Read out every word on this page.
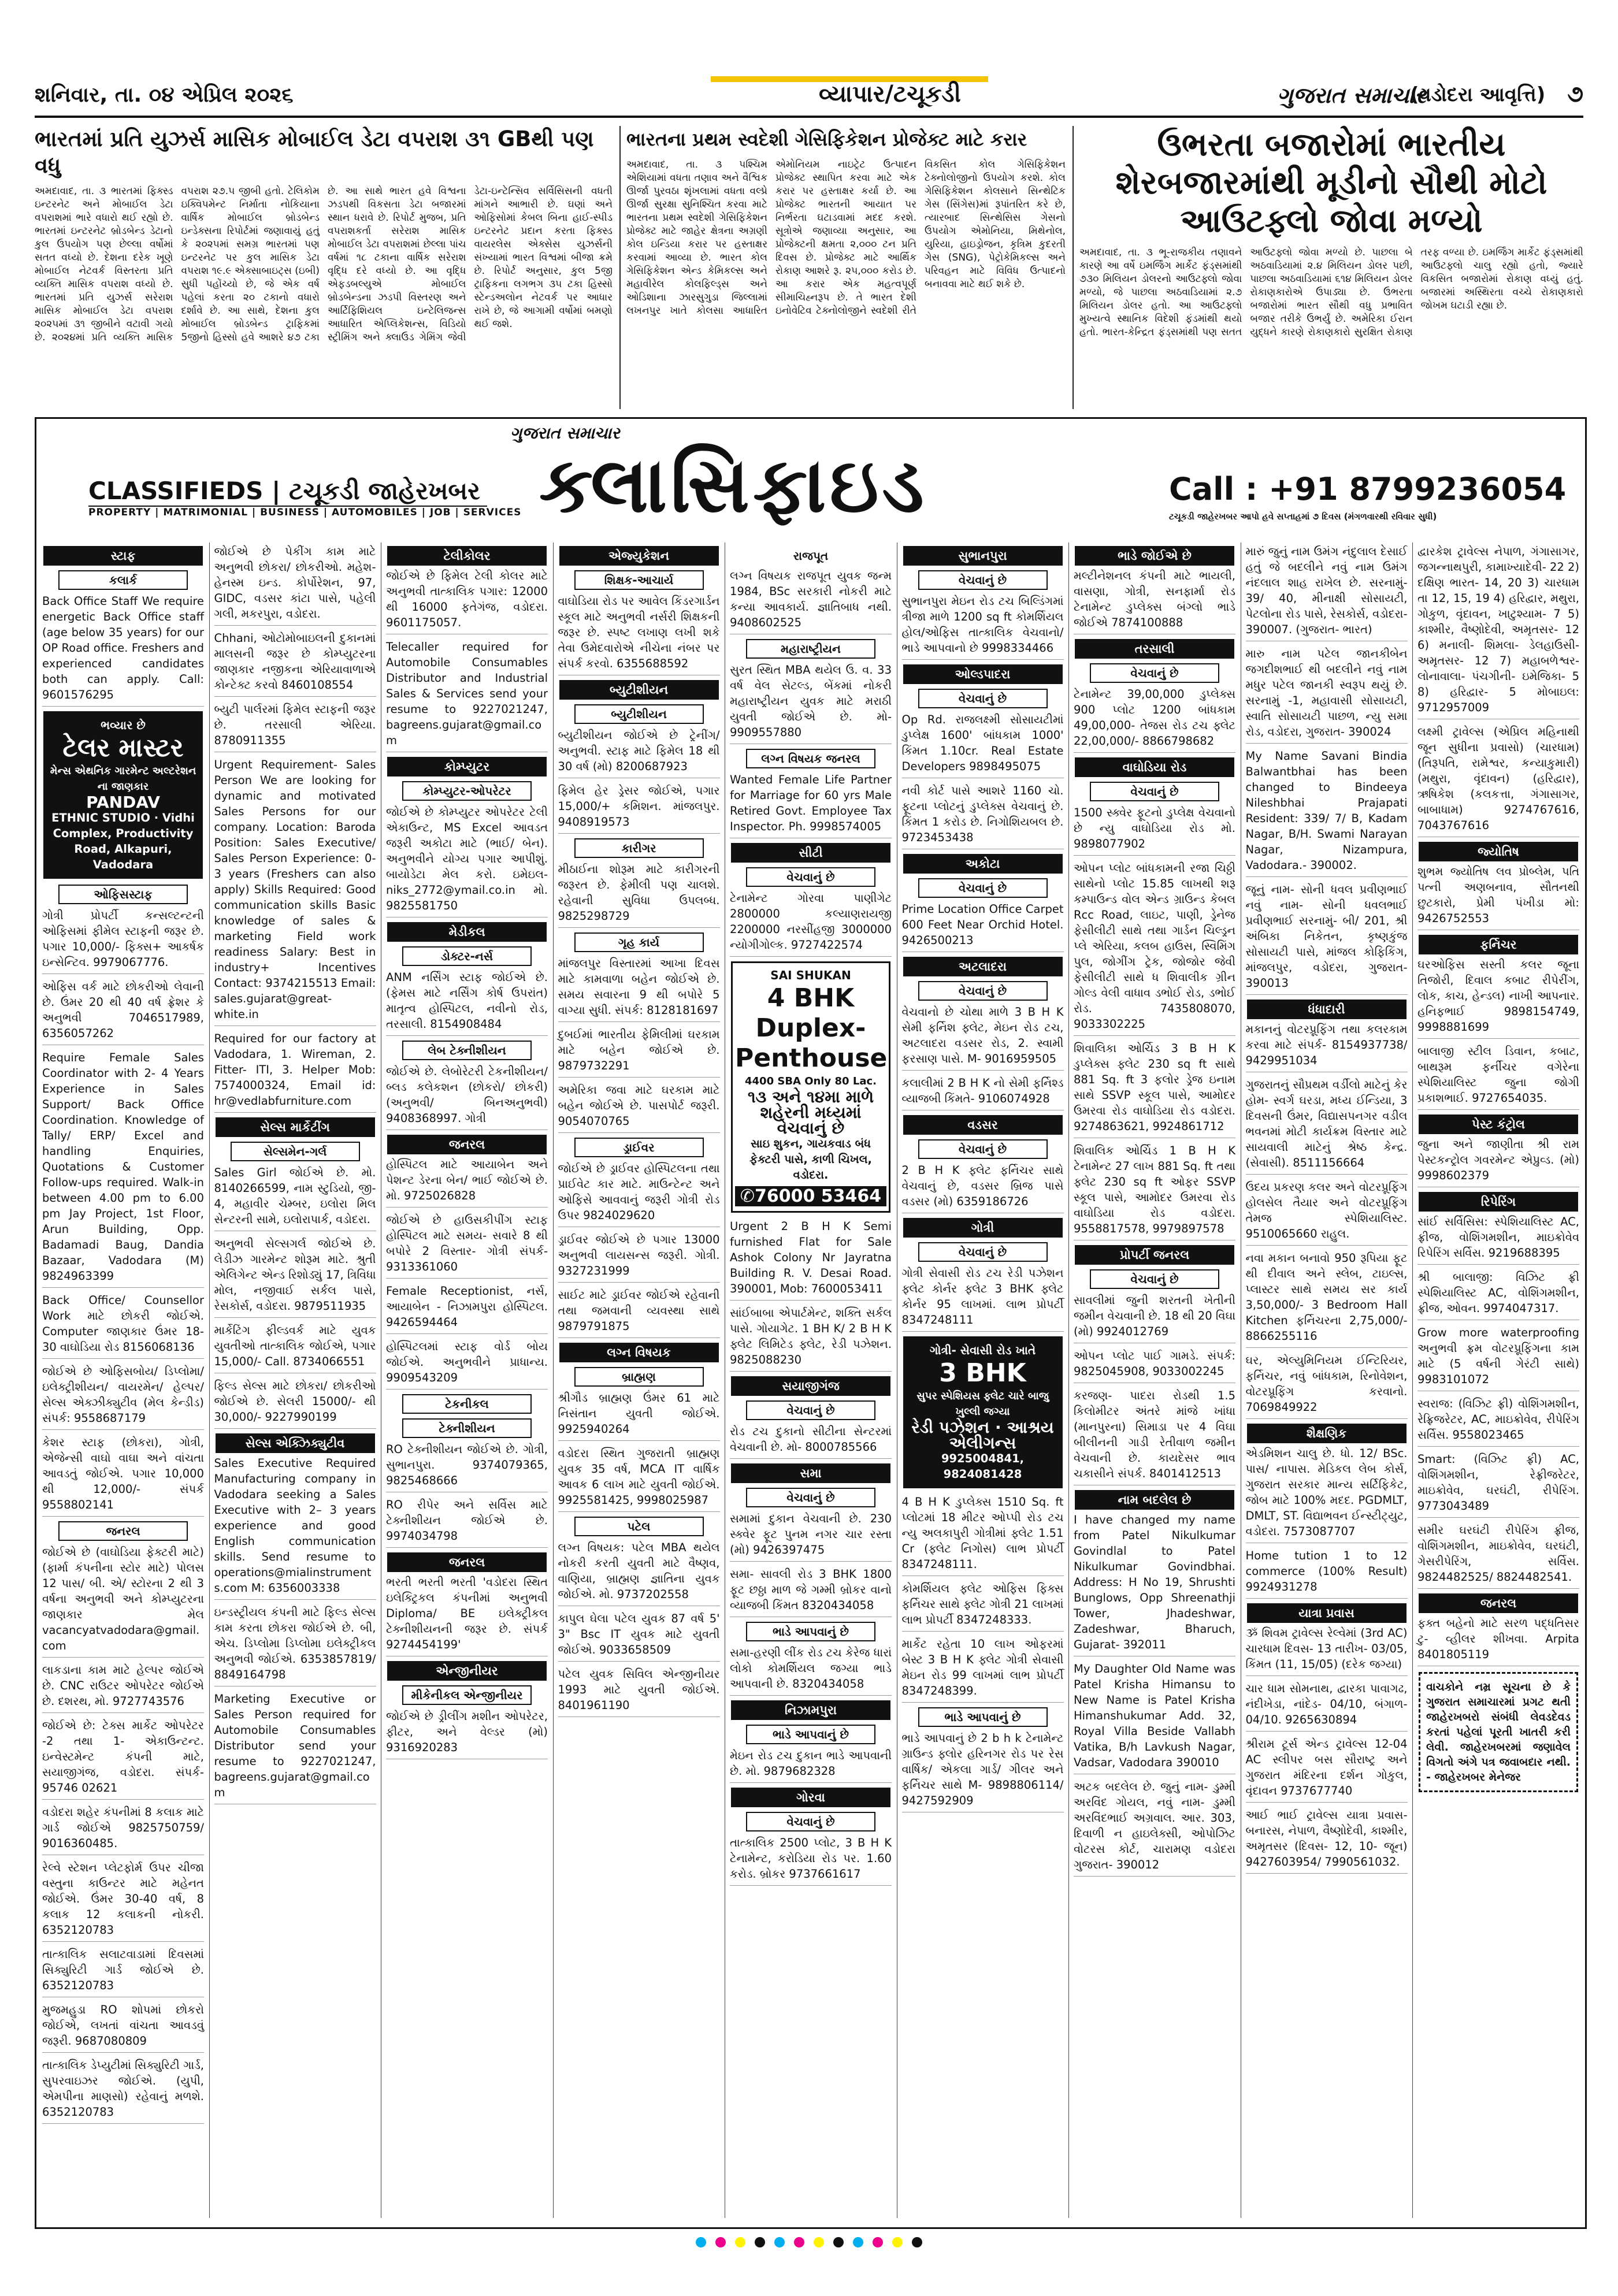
શનિવાર, તા. ૦૪ એપ્રિલ ૨૦૨૬	વ્યાપાર/ટચૂકડી	ગુજરાત સમાચાર
(વડોદરા આવૃત્તિ) ૭
ભારતમાં પ્રતિ યુઝર્સ માસિક મોબાઈલ ડેટા વપરાશ ૩૧ GBથી પણ વધુ
અમદાવાદ, તા. ૩ ભારતમાં ફિક્સ્ડ ઇન્ટરનેટ અને મોબાઈલ ડેટા વપરાશમાં ભારે વધારો થઈ રહ્યો છે. ભારતમાં ઇન્ટરનેટ બ્રોડબેન્ડ ડેટાનો કુલ ઉપયોગ પણ છેલ્લા વર્ષોમાં સતત વધ્યો છે. દેશના દરેક ખૂણે મોબાઈલ નેટવર્ક વિસ્તરતા પ્રતિ વ્યક્તિ માસિક વપરાશ વધ્યો છે. ભારતમાં પ્રતિ યુઝર્સ સરેરાશ માસિક મોબાઈલ ડેટા વપરાશ ૨૦૨૫માં ૩૧ જીબીને વટાવી ગયો છે. ૨૦૨૪માં પ્રતિ વ્યક્તિ માસિક વપરાશ ૨૭.૫ જીબી હતો. ટેલિકોમ ઇક્વિપમેન્ટ નિર્માતા નોકિયાના વાર્ષિક મોબાઈલ બ્રોડબેન્ડ ઇન્ડેક્સના રિપોર્ટમાં જણાવાયું હતું કે ૨૦૨૫માં સમગ્ર ભારતમાં પણ ઇન્ટરનેટ પર કુલ માસિક ડેટા વપરાશ ૧૯.૯ એક્સાબાઇટ્સ (ઇબી) સુધી પહોંચ્યો છે, જે એક વર્ષ પહેલાં કરતા ૨૦ ટકાનો વધારો દર્શાવે છે. આ સાથે, દેશના કુલ મોબાઈલ બ્રોડબેન્ડ ટ્રાફિકમાં 5જીનો હિસ્સો હવે આશરે ૪૭ ટકા છે. આ સાથે ભારત હવે વિશ્વના ઝડપથી વિકસતા ડેટા બજારમાં સ્થાન ધરાવે છે. રિપોર્ટ મુજબ, પ્રતિ વપરાશકર્તા સરેરાશ માસિક મોબાઈલ ડેટા વપરાશમાં છેલ્લા પાંચ વર્ષમાં ૧૮ ટકાના વાર્ષિક સરેરાશ વૃદ્ધિ દરે વધ્યો છે. આ વૃદ્ધિ એફડબલ્યુએ મોબાઈલ બ્રોડબેન્ડના ઝડપી વિસ્તરણ અને આર્ટિફિશિયલ ઇન્ટેલિજન્સ આધારિત એપ્લિકેશન્સ, વિડિયો સ્ટ્રીમિંગ અને ક્લાઉડ ગેમિંગ જેવી ડેટા-ઇન્ટેન્સિવ સર્વિસિસની વધતી માંગને આભારી છે. ઘણાં અને ઓફિસોમાં કેબલ બિના હાઈ-સ્પીડ ઇન્ટરનેટ પ્રદાન કરતા ફિક્સ્ડ વાયરલેસ એક્સેસ યુઝર્સની સંખ્યામાં ભારત વિશ્વમાં બીજા ક્રમે છે. રિપોર્ટ અનુસાર, કુલ 5જી ટ્રાફિકના લગભગ ૩૫ ટકા હિસ્સો સ્ટેન્ડઅલોન નેટવર્ક પર આધાર રાખે છે, જે આગામી વર્ષોમાં બમણો થઈ જશે.
ભારતના પ્રથમ સ્વદેશી ગેસિફિકેશન પ્રોજેક્ટ માટે કરાર
અમદાવાદ, તા. ૩ પશ્ચિમ એશિયામાં વધતા તણાવ અને વૈશ્વિક ઊર્જા પુરવઠા શૃંખલામાં વધતા વલ્પ્રે ઊર્જા સુરક્ષા સુનિશ્ચિત કરવા માટે ભારતના પ્રથમ સ્વદેશી ગેસિફિકેશન પ્રોજેક્ટ માટે જાહેર ક્ષેત્રના અગ્રણી કોલ ઇન્ડિયા કરાર પર હસ્તાક્ષર કરવામાં આવ્યા છે. ભારત કોલ ગેસિફિકેશન એન્ડ કેમિકલ્સ અને મહાવીરેલ કોલફિલ્ડ્સ અને ઓડિશાના ઝારસુગુડા જિલ્લામાં લખનપુર ખાતે કોલસા આધારિત એમોનિયમ નાઇટ્રેટ ઉત્પાદન પ્રોજેક્ટ સ્થાપિત કરવા માટે એક કરાર પર હસ્તાક્ષર કર્યા છે. આ પ્રોજેક્ટ ભારતની આયાત પર નિર્ભરતા ઘટાડવામાં મદદ કરશે. સૂત્રોએ જણાવ્યા અનુસાર, આ પ્રોજેક્ટની ક્ષમતા ૨,૦૦૦ ટન પ્રતિ દિવસ છે. પ્રોજેક્ટ માટે આર્થિક રોકાણ આશરે રૂ. ૨૫,૦૦૦ કરોડ છે. આ કરાર એક મહત્વપૂર્ણ સીમાચિહ્નરૂપ છે. તે ભારત દેશી ઇનોવેટિવ ટેક્નોલોજીને સ્વદેશી રીતે વિકસિત કોલ ગેસિફિકેશન ટેક્નોલોજીનો ઉપયોગ કરશે. કોલ ગેસિફિકેશન કોલસાને સિન્થેટિક ગેસ (સિંગેસ)માં રૂપાંતરિત કરે છે, ત્યારબાદ સિન્થેસિસ ગેસનો ઉપયોગ એમોનિયા, મિથેનોલ, યુરિયા, હાઇડ્રોજન, કૃત્રિમ કુદરતી ગેસ (SNG), પેટ્રોકેમિકલ્સ અને પરિવહન માટે વિવિધ ઉત્પાદનો બનાવવા માટે થઈ શકે છે.
ઉભરતા બજારોમાં ભારતીય શેરબજારમાંથી મૂડીનો સૌથી મોટો આઉટફ્લો જોવા મળ્યો
અમદાવાદ, તા. ૩ ભૂ-રાજકીય તણાવને કારણે આ વર્ષે ઇમર્જિંગ માર્કેટ ફંડ્સમાંથી ૭૩૦ મિલિયન ડોલરનો આઉટફ્લો જોવા મળ્યો, જે પાછલા અઠવાડિયામાં ૨.૭ મિલિયન ડોલર હતો. આ આઉટફ્લો મુખ્યત્વે સ્થાનિક વિદેશી ફંડમાંથી થયો હતો. ભારત-કેન્દ્રિત ફંડ્સમાંથી પણ સતત આઉટફ્લો જોવા મળ્યો છે. પાછલા બે અઠવાડિયામાં ૨.૪ મિલિયન ડોલર પછી, પાછલા અઠવાડિયામાં ૬૧૪ મિલિયન ડોલર રોકાણકારોએ ઉપાડ્યા છે. ઉભરતા બજારોમાં ભારત સૌથી વધુ પ્રભાવિત બજાર તરીકે ઉભર્યું છે. અમેરિકા ઈરાન યુદ્ધને કારણે રોકાણકારો સુરક્ષિત રોકાણ તરફ વળ્યા છે. ઇમર્જિંગ માર્કેટ ફંડ્સમાંથી આઉટફ્લો ચાલુ રહ્યો હતો, જ્યારે વિકસિત બજારોમાં રોકાણ વધ્યું હતું. બજારમાં અસ્થિરતા વચ્ચે રોકાણકારો જોખમ ઘટાડી રહ્યા છે.
ગુજરાત સમાચાર
ક્લાસિફાઇડ
CLASSIFIEDS | ટચૂકડી જાહેરખબર
PROPERTY | MATRIMONIAL | BUSINESS | AUTOMOBILES | JOB | SERVICES
Call : +91 8799236054
ટચૂકડી જાહેરખબર આપો હવે સપ્તાહમાં ૭ દિવસ (મંગળવારથી રવિવાર સુધી)
સ્ટાફ
કલાર્ક
Back Office Staff We require energetic Back Office staff (age below 35 years) for our OP Road office. Freshers and experienced candidates both can apply. Call: 9601576295
ભવ્યાર છે
ટેલર માસ્ટર
મેન્સ એથનિક ગારમેન્ટ અલ્ટરેશન ના જાણકાર
PANDAV
ETHNIC STUDIO · Vidhi Complex, Productivity Road, Alkapuri, Vadodara
ઓફિસસ્ટાફ
ગોત્રી પ્રોપર્ટી કન્સલ્ટન્ટની ઓફિસમાં ફીમેલ સ્ટાફની જરૂર છે. પગાર 10,000/- ફિક્સ+ આકર્ષક ઇન્સેન્ટિવ. 9979067776.
ઓફિસ વર્ક માટે છોકરીઓ લેવાની છે. ઉંમર 20 થી 40 વર્ષ ફ્રેશર કે અનુભવી 7046517989, 6356057262
Require Female Sales Coordinator with 2- 4 Years Experience in Sales Support/ Back Office Coordination. Knowledge of Tally/ ERP/ Excel and handling Enquiries, Quotations & Customer Follow-ups required. Walk-in between 4.00 pm to 6.00 pm Jay Project, 1st Floor, Arun Building, Opp. Badamadi Baug, Dandia Bazaar, Vadodara (M) 9824963399
Back Office/ Counsellor Work માટે છોકરી જોઈએ. Computer જાણકાર ઉંમર 18-30 વાઘોડિયા રોડ 8156068136
જોઈએ છે ઓફિસબોય/ ડિપ્લોમા/ ઇલેક્ટ્રીશીયન/ વાયરમેન/ હેલ્પર/ સેલ્સ એક્ઝીક્યુટીવ (મેલ કેન્ડીડ) સંપર્ક: 9558687179
કેશર સ્ટાફ (છોકરા), ગોત્રી, એજેન્સી વાઘો વાઘા અને વાંચતા આવડતું જોઈએ. પગાર 10,000 થી 12,000/- સંપર્ક 9558802141
જનરલ
જોઈએ છે (વાઘોડિયા ફેક્ટરી માટે) (ફાર્મા કંપનીના સ્ટોર માટે) પોલસ 12 પાસ/ બી. એ/ સ્ટોરના 2 થી 3 વર્ષના અનુભવી અને કોમ્પ્યુટરના જાણકાર મેલ vacancyatvadodara@gmail.com
લાકડાના કામ માટે હેલ્પર જોઈએ છે. CNC રાઉટર ઓપરેટર જોઈએ છે. દશરથ, મો. 9727743576
જોઈએ છે: ટેક્સ માર્કેટ ઓપરેટર -2 તથા 1- એકાઉન્ટન્ટ. ઇન્વેસ્ટમેન્ટ કંપની માટે, સયાજીગંજ, વડોદરા. સંપર્ક- 95746 02621
વડોદરા શહેર કંપનીમાં 8 કલાક માટે ગાર્ડ જોઈએ 9825750759/ 9016360485.
રેલ્વે સ્ટેશન પ્લેટફોર્મ ઉપર ચીજા વસ્તુના કાઉન્ટર માટે મહેનત જોઈએ. ઉંમર 30-40 વર્ષ, 8 કલાક 12 કલાકની નોકરી. 6352120783
તાત્કાલિક સલાટવાડામાં દિવસમાં સિક્યુરિટી ગાર્ડ જોઈએ છે. 6352120783
મુજમહુડા RO શોપમાં છોકરો જોઈએ, લખતાં વાંચતા આવડવું જરૂરી. 9687080809
તાત્કાલિક ડેપ્યુટીમાં સિક્યુરિટી ગાર્ડ, સુપરવાઇઝર જોઈએ. (યુપી, એમપીના માણસો) રહેવાનું મળશે. 6352120783
જોઈએ છે પેકીંગ કામ માટે અનુભવી છોકરા/ છોકરીઓ. મહેશ- હેનસ્મ ઇન્ડ. કોર્પોરેશન, 97, GIDC, વડસર કાંટા પાસે, પહેલી ગલી, મકરપુરા, વડોદરા.
Chhani, ઓટોમોબાઇલની દુકાનમાં માલસની જરૂર છે કોમ્પ્યુટરના જાણકાર નજીકના એરિયાવાળાએ કોન્ટેક્ટ કરવો 8460108554
બ્યુટી પાર્લરમાં ફિમેલ સ્ટાફની જરૂર છે. તરસાલી એરિયા. 8780911355
Urgent Requirement- Sales Person We are looking for dynamic and motivated Sales Persons for our company. Location: Baroda Position: Sales Executive/ Sales Person Experience: 0-3 years (Freshers can also apply) Skills Required: Good communication skills Basic knowledge of sales & marketing Field work readiness Salary: Best in industry+ Incentives Contact: 9374215513 Email: sales.gujarat@great-white.in
Required for our factory at Vadodara, 1. Wireman, 2. Fitter- ITI, 3. Helper Mob: 7574000324, Email id: hr@vedlabfurniture.com
સેલ્સ માર્કેટીંગ
સેલ્સમેન-ગર્લ
Sales Girl જોઈએ છે. મો. 8140266599, નામ સ્ટુડિયો, જી- 4, મહાવીર ચેમ્બર, ઇલોરા મિલ સેન્ટરની સામે, ઇલોરાપાર્ક, વડોદરા.
અનુભવી સેલ્સગર્લ જોઈએ છે. લેડીઝ ગારમેન્ટ શોરૂમ માટે. શ્રુતી એલિગેન્ટ એન્ડ રિશોડ્યું 17, ત્રિવિધા મોલ, નજીવાઈ સર્કલ પાસે, રેસકોર્સ, વડોદરા. 9879511935
માર્કેટિંગ ફીલ્ડવર્ક માટે યુવક યુવતીઓ તાત્કાલિક જોઈએ, પગાર 15,000/- Call. 8734066551
ફિલ્ડ સેલ્સ માટે છોકરા/ છોકરીઓ જોઈએ છે. સેલરી 15000/- થી 30,000/- 9227990199
સેલ્સ એક્ઝિક્યુટીવ
Sales Executive Required Manufacturing company in Vadodara seeking a Sales Executive with 2– 3 years experience and good English communication skills. Send resume to operations@mialinstrument s.com M: 6356003338
ઇન્ડસ્ટ્રીયલ કંપની માટે ફિલ્ડ સેલ્સ કામ કરતા છોકરા જોઈએ છે. બી, એચ. ડિપ્લોમા ડિપ્લોમા ઇલેક્ટ્રીકલ અનુભવી જોઈએ. 6353857819/ 8849164798
Marketing Executive or Sales Person required for Automobile Consumables Distributor send your resume to 9227021247, bagreens.gujarat@gmail.com
ટેલીકોલર
જોઈએ છે ફિમેલ ટેલી કોલર માટે અનુભવી તાત્કાલિક પગાર: 12000 થી 16000 ફતેગંજ, વડોદરા. 9601175057.
Telecaller required for Automobile Consumables Distributor and Industrial Sales & Services send your resume to 9227021247, bagreens.gujarat@gmail.com
કોમ્પ્યુટર
કોમ્પ્યુટર-ઓપરેટર
જોઈએ છે કોમ્પ્યુટર ઓપરેટર ટેલી એકાઉન્ટ, MS Excel આવડત જરૂરી અકોટા માટે (ભાઈ/ બેન). અનુભવીને યોગ્ય પગાર આપીશું. બાયોડેટા મેલ કરો. ઇમેઇલ- niks_2772@ymail.co.in મો. 9825581750
મેડીકલ
ડોક્ટર-નર્સ
ANM નર્સિંગ સ્ટાફ જોઈએ છે. (ફેમસ માટે નર્સિંગ કોર્ષ ઉપરાંત) માતૃત્વ હોસ્પિટલ, નવીનો રોડ, તરસાલી. 8154908484
લેબ ટેક્નીશીયન
જોઈએ છે. લેબોરેટરી ટેકનીશીયન/ બ્લડ કલેકશન (છોકરો/ છોકરી) (અનુભવી/ બિનઅનુભવી) 9408368997. ગોત્રી
જનરલ
હોસ્પિટલ માટે આયાબેન અને પેશન્ટ ડેરના બેન/ ભાઈ જોઈએ છે. મો. 9725026828
જોઈએ છે હાઉસકીપીંગ સ્ટાફ હોસ્પિટલ માટે સમય- સવારે 8 થી બપોરે 2 વિસ્તાર- ગોત્રી સંપર્ક- 9313361060
Female Receptionist, નર્સ, આયાબેન - નિઝામપુરા હોસ્પિટલ. 9426594464
હોસ્પિટલમાં સ્ટાફ વોર્ડ બોય જોઈએ. અનુભવીને પ્રાધાન્ય. 9909543209
ટેકનીકલ
ટેક્નીશીયન
RO ટેક્નીશીયન જોઈએ છે. ગોત્રી, સુભાનપુરા. 9374079365, 9825468666
RO રીપેર અને સર્વિસ માટે ટેક્નીશીયન જોઈએ છે. 9974034798
જનરલ
ભરતી ભરતી ભરતી 'વડોદરા સ્થિત ઇલેક્ટ્રિકલ કંપનીમાં અનુભવી Diploma/ BE ઇલેક્ટ્રીકલ ટેક્નીશીયનની જરૂર છે. સંપર્ક 9274454199'
એન્જીનીયર
મીકેનીકલ એન્જીનીયર
જોઈએ છે ડ્રીલીંગ મશીન ઓપરેટર, ફીટર, અને વેલ્ડર (મો) 9316920283
એજ્યુકેશન
શિક્ષક-આચાર્ય
વાઘોડિયા રોડ પર આવેલ કિંડરગાર્ડન સ્કૂલ માટે અનુભવી નર્સરી શિક્ષકની જરૂર છે. સ્પષ્ટ લખાણ લખી શકે તેવા ઉમેદવારોએ નીચેના નંબર પર સંપર્ક કરવો. 6355688592
બ્યુટીશીયન
બ્યુટીશીયન
બ્યુટીશીયન જોઈએ છે ટ્રેનીંગ/ અનુભવી. સ્ટાફ માટે ફિમેલ 18 થી 30 વર્ષ (મો) 8200687923
ફિમેલ હેર ડ્રેસર જોઈએ, પગાર 15,000/+ કમિશન. માંજલપુર. 9408919573
કારીગર
મીઠાઈના શોરૂમ માટે કારીગરની જરૂરત છે. ફેમીલી પણ ચાલશે. રહેવાની સુવિધા ઉપલબ્ધ. 9825298729
ગૃહ કાર્ય
માંજલપુર વિસ્તારમાં આખા દિવસ માટે કામવાળા બહેન જોઈએ છે. સમય સવારના 9 થી બપોરે 5 વાગ્યા સુધી. સંપર્ક: 8128181697
દુબઈમાં ભારતીય ફેમિલીમાં ઘરકામ માટે બહેન જોઈએ છે. 9879732291
અમેરિકા જવા માટે ઘરકામ માટે બહેન જોઈએ છે. પાસપોર્ટ જરૂરી. 9054070765
ડ્રાઈવર
જોઈએ છે ડ્રાઈવર હોસ્પિટલના તથા પ્રાઈવેટ કાર માટે. માઉન્ટેન્ટ અને ઓફિસે આવવાનું જરૂરી ગોત્રી રોડ ઉપર 9824029620
ડ્રાઈવર જોઈએ છે પગાર 13000 અનુભવી લાયસન્સ જરૂરી. ગોત્રી. 9327231999
સાઈટ માટે ડ્રાઈવર જોઈએ રહેવાની તથા જમવાની વ્યવસ્થા સાથે 9879791875
લગ્ન વિષયક
બ્રાહ્મણ
શ્રીગૌડ બ્રાહ્મણ ઉંમર 61 માટે નિસંતાન યુવતી જોઈએ. 9925940264
વડોદરા સ્થિત ગુજરાતી બ્રાહ્મણ યુવક 35 વર્ષ, MCA IT વાર્ષિક આવક 6 લાખ માટે યુવતી જોઈએ. 9925581425, 9998025987
પટેલ
લગ્ન વિષયક: પટેલ MBA થયેલ નોકરી કરતી યુવતી માટે વૈષ્ણવ, વાણિયા, બ્રાહ્મણ જ્ઞાતિના યુવક જોઈએ. મો. 9737202558
કાપુલ ઘેલા પટેલ યુવક 87 વર્ષ 5' 3" Bsc IT યુવક માટે યુવતી જોઈએ. 9033658509
પટેલ યુવક સિવિલ એન્જીનીયર 1993 માટે યુવતી જોઈએ. 8401961190
રાજપૂત
લગ્ન વિષયક રાજપૂત યુવક જન્મ 1984, BSc સરકારી નોકરી માટે કન્યા આવકાર્ય. જ્ઞાતિબાધ નથી. 9408602525
મહારાષ્ટ્રીયન
સુરત સ્થિત MBA થયેલ ઉ. વ. 33 વર્ષ વેલ સેટલ્ડ, બેંકમાં નોકરી મહારાષ્ટ્રીયન યુવક માટે મરાઠી યુવતી જોઈએ છે. મો- 9909557880
લગ્ન વિષયક જનરલ
Wanted Female Life Partner for Marriage for 60 yrs Male Retired Govt. Employee Tax Inspector. Ph. 9998574005
સીટી
વેચવાનું છે
ટેનામેન્ટ ગોરવા પાણીગેટ 2800000 કલ્યાણરાયજી 2200000 નરસીંહજી 3000000 ન્યોગીગોલ્ક. 9727422574
SAI SHUKAN
4 BHK Duplex-Penthouse
4400 SBA Only 80 Lac.
૧૩ અને ૧૪મા માળે શહેરની મધ્યમાં વેચવાનું છે
સાઇ શુકન, ગાયકવાડ બંધ ફેક્ટરી પાસે, કાળી ચિખલ, વડોદરા.
✆76000 53464
Urgent 2 B H K Semi furnished Flat for Sale Ashok Colony Nr Jayratna Building R. V. Desai Road. 390001, Mob: 7600053411
સાંઈબાબા એપાર્ટમેન્ટ, શક્તિ સર્કલ પાસે. ગોયાગેટ. 1 BH K/ 2 B H K ફ્લેટ લિમિટેડ ફ્લેટ, રેડી પઝેશન. 9825088230
સયાજીગંજ
વેચવાનું છે
રોડ ટચ દુકાનો સીટીના સેન્ટરમાં વેચવાની છે. મો- 8000785566
સમા
વેચવાનું છે
સમામાં દુકાન વેચવાની છે. 230 સ્ક્વેર ફૂટ પુનમ નગર ચાર રસ્તા (મો) 9426397475
સમા- સાવલી રોડ 3 BHK 1800 ફૂટ છઠ્ઠા માળ જે ગમ્મી બ્રોકર વાનો વ્યાજબી કિંમત 8320434058
ભાડે આપવાનું છે
સમા-હરણી લીંક રોડ ટચ કેરેજ ધારાં લોકો કોમર્શિયલ જગ્યા ભાડે આપવાની છે. 8320434058
નિઝામપુરા
ભાડે આપવાનું છે
મેઇન રોડ ટચ દુકાન ભાડે આપવાની છે. મો. 9879682328
ગોરવા
વેચવાનું છે
તાત્કાલિક 2500 પ્લોટ, 3 B H K ટેનામેન્ટ, કરોડિયા રોડ પર. 1.60 કરોડ. બ્રોકર 9737661617
સુભાનપુરા
વેચવાનું છે
સુભાનપુરા મેઇન રોડ ટચ બિલ્ડિંગમાં ત્રીજા માળે 1200 sq ft કોમર્શિયલ હોલ/ઓફિસ તાત્કાલિક વેચવાનો/ ભાડે આપવાનો છે 9998334466
ઓલ્ડપાદરા
વેચવાનું છે
Op Rd. રાજલક્ષ્મી સોસાયટીમાં ડુપ્લેક્ષ 1600' બાંધકામ 1000' કિંમત 1.10cr. Real Estate Developers 9898495075
નવી કોર્ટ પાસે આશરે 1160 ચો. ફૂટના પ્લોટનું ડુપ્લેક્સ વેચવાનું છે. કિંમત 1 કરોડ છે. નિગોશિયબલ છે. 9723453438
અકોટા
વેચવાનું છે
Prime Location Office Carpet 600 Feet Near Orchid Hotel. 9426500213
અટલાદરા
વેચવાનું છે
વેચવાનો છે ચોથા માળે 3 B H K સેમી ફર્નિશ ફ્લેટ, મેઇન રોડ ટચ, અટલાદરા વડસર રોડ, 2. સ્વામી ફરસાણ પાસે. M- 9016959505
કલાલીમાં 2 B H K નો સેમી ફર્નિશ્ડ વ્યાજબી કિંમતે- 9106074928
વડસર
વેચવાનું છે
2 B H K ફ્લેટ ફર્નિચર સાથે વેચવાનું છે, વડસર બ્રિજ પાસે વડસર (મો) 6359186726
ગોત્રી
વેચવાનું છે
ગોત્રી સેવાસી રોડ ટચ રેડી પઝેશન ફ્લેટ કોર્નર ફ્લેટ 3 BHK ફ્લેટ કોર્નર 95 લાખમાં. લાભ પ્રોપર્ટી 8347248111
ગોત્રી- સેવાસી રોડ ખાતે
3 BHK
સુપર સ્પેશિયસ ફ્લેટ ચારે બાજુ ખુલ્લી જગ્યા
રેડી પઝેશન · આશ્રય એલીગન્સ
9925004841, 9824081428
4 B H K ડુપ્લેક્સ 1510 Sq. ft પ્લોટમાં 18 મીટર ઓપ્પી રોડ ટચ ન્યુ અલકાપુરી ગોત્રીમાં ફ્લેટ 1.51 Cr (ફ્લેટ નિગોસ) લાભ પ્રોપર્ટી 8347248111.
કોમર્શિયલ ફ્લેટ ઓફિસ ફિક્સ ફર્નિચર સાથે ફ્લેટ ગોત્રી 21 લાખમાં લાભ પ્રોપર્ટી 8347248333.
માર્કેટ રહેતા 10 લાખ ઓફરમાં બેસ્ટ 3 B H K ફ્લેટ ગોત્રી સેવાસી મેઇન રોડ 99 લાખમાં લાભ પ્રોપર્ટી 8347248399.
ભાડે આપવાનું છે
ભાડે આપવાનું છે 2 b h k ટેનામેન્ટ ગ્રાઉન્ડ ફ્લોર હરિનગર રોડ પર રેસ વાર્ષિક/ એકલા ગાર્ડ/ ગીલર અને ફર્નિચર સાથે M- 9898806114/ 9427592909
ભાડે જોઈએ છે
મલ્ટીનેશનલ કંપની માટે ભાયલી, વાસણા, ગોત્રી, સનફાર્મા રોડ ટેનામેન્ટ ડુપ્લેક્સ બંગ્લો ભાડે જોઈએ 7874100888
તરસાલી
વેચવાનું છે
ટેનામેન્ટ 39,00,000 ડુપ્લેક્સ 900 પ્લોટ 1200 બાંધકામ 49,00,000- તેજસ રોડ ટચ ફ્લેટ 22,00,000/- 8866798682
વાઘોડિયા રોડ
વેચવાનું છે
1500 સ્ક્વેર ફૂટનો ડુપ્લેક્ષ વેચવાનો છે ન્યુ વાઘોડિયા રોડ મો. 9898077902
ઓપન પ્લોટ બાંધકામની રજા ચિઠ્ઠી સાથેનો પ્લોટ 15.85 લાખથી શરૂ કમ્પાઉન્ડ વોલ એન્ડ ગ્રાઉન્ડ કેબલ Rcc Road, લાઇટ, પાણી, ડ્રેનેજ ફેસીલીટી સાથે તથા ગાર્ડન ચિલ્ડ્રન પ્લે એરિયા, કલબ હાઉસ, સ્વિમિંગ પુલ, જોગીંગ ટ્રેક, જોજોર જેવી ફેસીલીટી સાથે ધ શિવાલીક ગ્રીન ગોલ્ડ વેલી વાધાવ ડભોઈ રોડ, ડભોઈ રોડ. 7435808070, 9033302225
શિવાલિકા ઓર્ચિડ 3 B H K ડુપ્લેક્સ ફ્લેટ 230 sq ft સાથે 881 Sq. ft 3 ફલોર ડ્રેજ ઇનામ સાથે SSVP સ્કૂલ પાસે, આમોદર ઉમરવા રોડ વાઘોડિયા રોડ વડોદરા. 9274863621, 9924861712
શિવાલિક ઓર્ચિડ 1 B H K ટેનામેન્ટ 27 લાખ 881 Sq. ft તથા ફ્લેટ 230 sq ft ઓફર SSVP સ્કૂલ પાસે, આમોદર ઉમરવા રોડ વાઘોડિયા રોડ વડોદરા. 9558817578, 9979897578
પ્રોપર્ટી જનરલ
વેચવાનું છે
સાવલીમાં જુની શરતની ખેતીની જમીન વેચવાની છે. 18 થી 20 વિઘા (મો) 9924012769
ઓપન પ્લોટ પાઈ ગામડે. સંપર્ક: 9825045908, 9033002245
કરજણ- પાદરા રોડથી 1.5 કિલોમીટર અંતરે માંજે ખાંધા (માનપુરના) સિમાડા પર 4 વિઘા બીલીનની ગાડી રેતીવાળ જમીન વેચવાની છે. કાયદેસર ભાવ ચકાસીને સંપર્ક. 8401412513
નામ બદલેલ છે
I have changed my name from Patel Nikulkumar Govindlal to Patel Nikulkumar Govindbhai. Address: H No 19, Shrushti Bunglows, Opp Shreenathji Tower, Jhadeshwar, Zadeshwar, Bharuch, Gujarat- 392011
My Daughter Old Name was Patel Krisha Himansu to New Name is Patel Krisha Himanshukumar Add. 32, Royal Villa Beside Vallabh Vatika, B/h Lavkush Nagar, Vadsar, Vadodara 390010
અટક બદલેલ છે. જુનું નામ- ડુમ્મી અરવિંદ ગોયલ, નવું નામ- ડુમ્મી અરવિંદભાઈ અગ્રવાલ. આર. 303, દિવાળી ન હાઇલેક્સી, ઓપોઝિટ વોટરસ કોર્ટ, ચારામણ વડોદરા ગુજરાત- 390012
મારું જુનું નામ ઉમંગ નંદુલાલ દેસાઈ હતું જે બદલીને નવું નામ ઉમંગ નંદલાલ શાહ રાખેલ છે. સરનામું- 39/ 40, મીનાક્ષી સોસાયટી, પેટલોના રોડ પાસે, રેસકોર્સ, વડોદરા- 390007. (ગુજરાત- ભારત)
મારુ નામ પટેલ જાનકીબેન જગદીશભાઈ થી બદલીને નવું નામ મધુર પટેલ જાનકી સ્વરૂપ થયું છે. સરનામું -1, મહાવાસી સોસાયટી, સ્વાતિ સોસાયટી પાછળ, ન્યુ સમા રોડ, વડોદરા, ગુજરાત- 390024
My Name Savani Bindia Balwantbhai has been changed to Bindeeya Nileshbhai Prajapati Resident: 339/ 7/ B, Kadam Nagar, B/H. Swami Narayan Nagar, Nizampura, Vadodara.- 390002.
જૂનું નામ- સોની ધવલ પ્રવીણભાઈ નવું નામ- સોની ધવલભાઈ પ્રવીણભાઈ સરનામું- બી/ 201, શ્રી અંબિકા નિકેતન, કૃષ્ણકુંજ સોસાયટી પાસે, માંજલ કોફિકિંગ, માંજલપુર, વડોદરા, ગુજરાત- 390013
ધંધાદારી
મકાનનું વોટરપ્રૂફિંગ તથા કલરકામ કરવા માટે સંપર્ક- 8154937738/ 9429951034
ગુજરાતનું સૌપ્રથમ વર્ડીલો માટેનું કેર હોમ- સ્વર્ગ ઘરડા, મધ્ય ઈન્ડિયા, 3 દિવસની ઉંમર, વિદ્યાસપનગર વડીલ ભવનમાં મોટી કાર્યક્રમ વિસ્તાર માટે સાયવાલી માટેનું શ્રેષ્ઠ કેન્દ્ર. (સેવાસી). 8511156664
ઉદય પ્રકરણ કલર અને વોટરપ્રૂફિંગ હોલસેલ તૈયાર અને વોટરપ્રૂફિંગ તેમજ સ્પેશિયાલિસ્ટ. 9510065660 રાહુલ.
નવા મકાન બનાવો 950 રૂપિયા ફૂટ થી દીવાલ અને સ્લેબ, ટાઇલ્સ, પ્લાસ્ટર સાથે સમય સર કાર્ય 3,50,000/- 3 Bedroom Hall Kitchen ફર્નિચરના 2,75,000/- 8866255116
ઘર, એલ્યુમિનિયમ ઈન્ટિરિયર, ફર્નિચર, નવું બાંધકામ, રિનોવેશન, વોટરપ્રૂફિંગ કરવાનો. 7069849922
શૈક્ષણિક
એડમિશન ચાલુ છે. ધો. 12/ BSc. પાસ/ નાપાસ. મેડિકલ લેબ કોર્સ, ગુજરાત સરકાર માન્ય સર્ટિફિકેટ, જોબ માટે 100% મદદ. PGDMLT, DMLT, ST. વિદ્યાભવન ઈન્સ્ટીટ્યુટ, વડોદરા. 7573087707
Home tution 1 to 12 commerce (100% Result) 9924931278
યાત્રા પ્રવાસ
ૐ શિવમ ટ્રાવેલ્સ રેલ્વેમાં (3rd AC) ચારધામ દિવસ- 13 તારીખ- 03/05, કિંમત (11, 15/05) (દરેક જગ્યા)
ચાર ધામ સોમનાથ, દ્વારકા પાવાગઢ, નંદીખેડા, નાંદેડ- 04/10, બંગાળ- 04/10. 9265630894
શ્રીરામ ટૂર્સ એન્ડ ટ્રાવેલ્સ 12-04 AC સ્લીપર બસ સૌરાષ્ટ્ર અને ગુજરાત મંદિરના દર્શન ગોકુલ, વૃંદાવન 9737677740
આઈ ભાઈ ટ્રાવેલ્સ યાત્રા પ્રવાસ- બનારસ, નેપાળ, વૈષ્ણોદેવી, કાશ્મીર, અમૃતસર (દિવસ- 12, 10- જૂન) 9427603954/ 7990561032.
દ્વારકેશ ટ્રાવેલ્સ નેપાળ, ગંગાસાગર, જગન્નાથપુરી, કામાખ્યાદેવી- 22 2) દક્ષિણ ભારત- 14, 20 3) ચારધામ તા 12, 15, 19 4) હરિદ્વાર, મથુરા, ગોકુળ, વૃંદાવન, ખાટુશ્યામ- 7 5) કાશ્મીર, વૈષ્ણોદેવી, અમૃતસર- 12 6) મનાલી- શિમલા- ડેલહાઉસી- અમૃતસર- 12 7) મહાબળેશ્વર- લોનાવાલા- પંચગીની- ઇમેજિકા- 5 8) હરિદ્વાર- 5 મોબાઇલ: 9712957009
લક્ષ્મી ટ્રાવેલ્સ (એપ્રિલ મહિનાથી જૂન સુધીના પ્રવાસો) (ચારધામ) (તિરૂપતિ, રામેશ્વર, કન્યાકુમારી) (મથુરા, વૃંદાવન) (હરિદ્વાર), ઋષિકેશ (કલકત્તા, ગંગાસાગર, બાબાધામ) 9274767616, 7043767616
જ્યોતિષ
શુભમ જ્યોતિષ લવ પ્રોબ્લેમ, પતિ પત્ની અણબનાવ, સૌતનથી છુટકારો, પ્રેમી પંખીડા મો: 9426752553
ફર્નિચર
ઘરઓફિસ સસ્તી કલર જૂના તિજોરી, દિવાલ કબાટ રીપેરીંગ, લોક, કાચ, હેન્ડલ) નાખી આપનાર. હનિફભાઈ 9898154749, 9998881699
બાલાજી સ્ટીલ ડિવાન, કબાટ, બાથરૂમ ફર્નીચર વગેરેના સ્પેશિયાલિસ્ટ જુના જોગી પ્રકાશભાઈ. 9727654035.
પેસ્ટ કંટ્રોલ
જુના અને જાણીતા શ્રી રામ પેસ્ટકન્ટ્રોલ ગવરમેન્ટ એપ્રુવ્ડ. (મો) 9998602379
રિપેરિંગ
સાંઈ સર્વિસિસ: સ્પેશિયાલિસ્ટ AC, ફ્રીજ, વોશિંગમશીન, માઇક્રોવેવ રિપેરિંગ સર્વિસ. 9219688395
શ્રી બાલાજી: વિઝિટ ફ્રી સ્પેશિયાલિસ્ટ AC, વોશિંગમશીન, ફ્રીજ, ઓવન. 9974047317.
Grow more waterproofing અનુભવી ફ્રમ વોટરપ્રૂફિંગના કામ માટે (5 વર્ષની ગેરંટી સાથે) 9983101072
સ્વરાજ: (વિઝિટ ફ્રી) વોશિંગમશીન, રેફ્રિજરેટર, AC, માઇક્રોવેવ, રીપેરિંગ સર્વિસ. 9558023465
Smart: (વિઝિટ ફ્રી) AC, વોશિંગમશીન, રેફ્રીજરેટર, માઇક્રોવેવ, ઘરઘંટી, રીપેરિંગ. 9773043489
સમીર ઘરઘંટી રીપેરિંગ ફ્રીજ, વોશિંગમશીન, માઇક્રોવેવ, ઘરઘંટી, ગેસરીપેરિંગ, સર્વિસ. 9824482525/ 8824482541.
જનરલ
ફક્ત બહેનો માટે સરળ પદ્ધતિસર ટુ- વ્હીલર શીખવા. Arpita 8401805119
વાચકોને નમ્ર સૂચના છે કે ગુજરાત સમાચારમાં પ્રગટ થતી જાહેરખબરો સંબંધી લેવડદેવડ કરતાં પહેલાં પૂરતી ખાતરી કરી લેવી. જાહેરખબરમાં જણાવેલ વિગતો અંગે પત્ર જવાબદાર નથી. - જાહેરખબર મેનેજર
